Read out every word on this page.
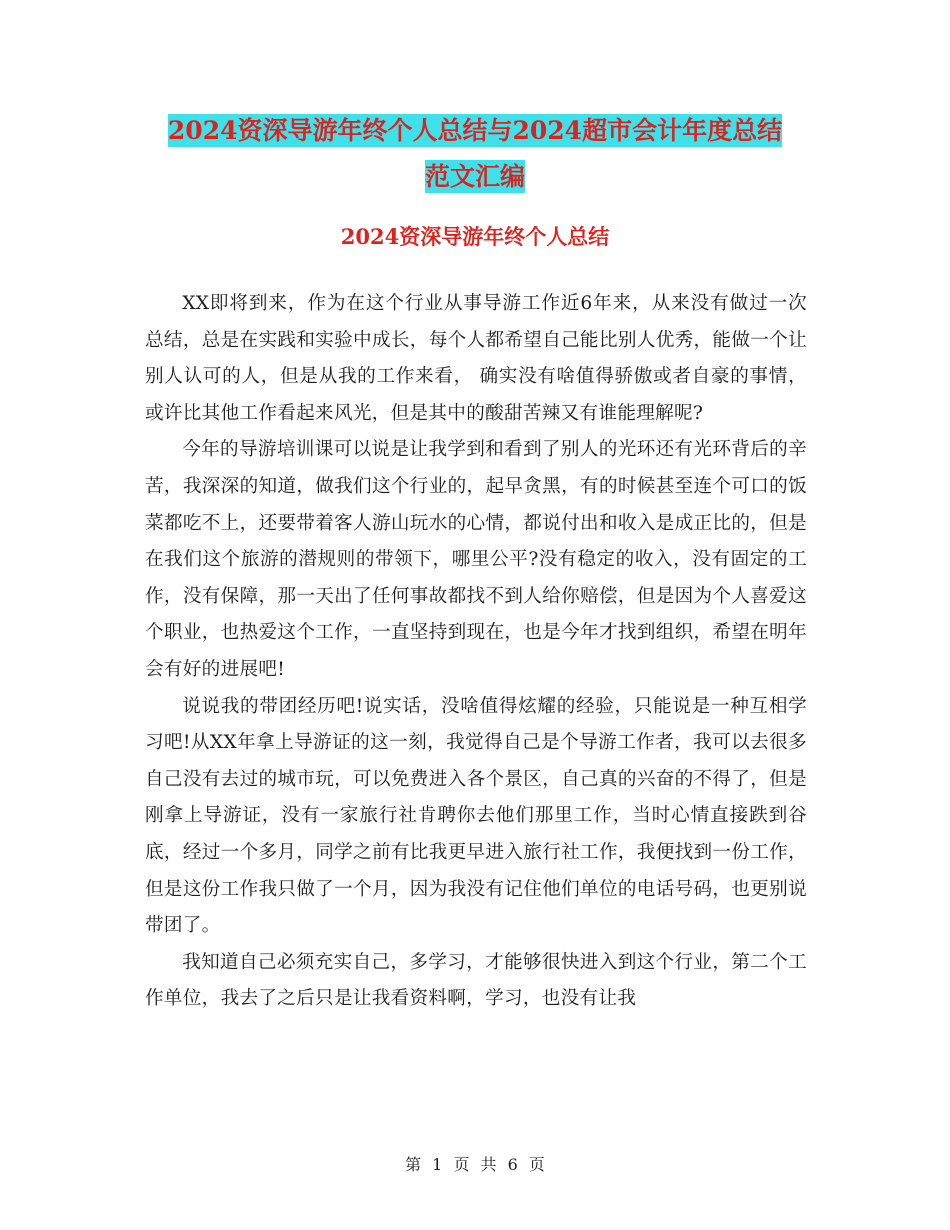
2024资深导游年终个人总结与2024超市会计年度总结
范文汇编
2024资深导游年终个人总结

XX即将到来，作为在这个行业从事导游工作近6年来，从来没有做过一次总结，总是在实践和实验中成长，每个人都希望自己能比别人优秀，能做一个让别人认可的人，但是从我的工作来看， 确实没有啥值得骄傲或者自豪的事情，或许比其他工作看起来风光，但是其中的酸甜苦辣又有谁能理解呢?

今年的导游培训课可以说是让我学到和看到了别人的光环还有光环背后的辛苦，我深深的知道，做我们这个行业的，起早贪黑，有的时候甚至连个可口的饭菜都吃不上，还要带着客人游山玩水的心情，都说付出和收入是成正比的，但是在我们这个旅游的潜规则的带领下，哪里公平?没有稳定的收入，没有固定的工作，没有保障，那一天出了任何事故都找不到人给你赔偿，但是因为个人喜爱这个职业，也热爱这个工作，一直坚持到现在，也是今年才找到组织，希望在明年会有好的进展吧!

说说我的带团经历吧!说实话，没啥值得炫耀的经验，只能说是一种互相学习吧!从XX年拿上导游证的这一刻，我觉得自己是个导游工作者，我可以去很多自己没有去过的城市玩，可以免费进入各个景区，自己真的兴奋的不得了，但是刚拿上导游证，没有一家旅行社肯聘你去他们那里工作，当时心情直接跌到谷底，经过一个多月，同学之前有比我更早进入旅行社工作，我便找到一份工作，但是这份工作我只做了一个月，因为我没有记住他们单位的电话号码，也更别说带团了。

我知道自己必须充实自己，多学习，才能够很快进入到这个行业，第二个工作单位，我去了之后只是让我看资料啊，学习，也没有让我

第 1 页 共 6 页
